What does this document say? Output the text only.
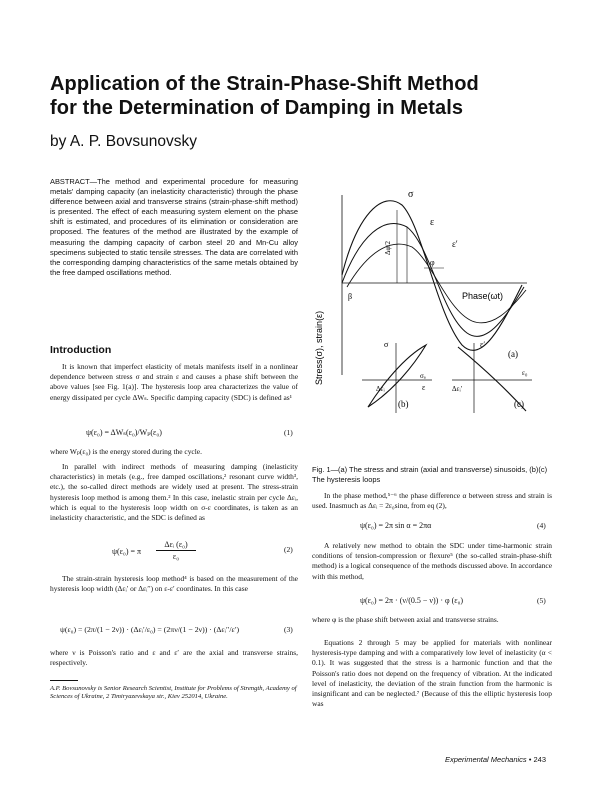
Application of the Strain-Phase-Shift Method
for the Determination of Damping in Metals
by A. P. Bovsunovsky
ABSTRACT—The method and experimental procedure for measuring metals' damping capacity (an inelasticity characteristic) through the phase difference between axial and transverse strains (strain-phase-shift method) is presented. The effect of each measuring system element on the phase shift is estimated, and procedures of its elimination or consideration are proposed. The features of the method are illustrated by the example of measuring the damping capacity of carbon steel 20 and Mn-Cu alloy specimens subjected to static tensile stresses. The data are correlated with the corresponding damping characteristics of the same metals obtained by the free damped oscillations method.
Introduction

It is known that imperfect elasticity of metals manifests itself in a nonlinear dependence between stress σ and strain ε and causes a phase shift between the above values [see Fig. 1(a)]. The hysteresis loop area characterizes the value of energy dissipated per cycle ΔWₛ. Specific damping capacity (SDC) is defined as¹

ψ(ε₀) = ΔWₛ(ε₀)/Wₚ(ε₀)	(1)

where Wₚ(ε₀) is the energy stored during the cycle.

In parallel with indirect methods of measuring damping (inelasticity characteristics) in metals (e.g., free damped oscillations,² resonant curve width³, etc.), the so-called direct methods are widely used at present. The stress-strain hysteresis loop method is among them.² In this case, inelastic strain per cycle Δεᵢ, which is equal to the hysteresis loop width on σ-ε coordinates, is taken as an inelasticity characteristic, and the SDC is defined as

ψ(ε₀) = π
Δεᵢ (ε₀)
ε₀
(2)

The strain-strain hysteresis loop method⁴ is based on the measurement of the hysteresis loop width (Δεᵢ′ or Δεᵢ′′) on ε-ε′ coordinates. In this case

ψ(ε₀) = (2π/(1 − 2ν)) · (Δεᵢ′/ε₀) = (2πν/(1 − 2ν)) · (Δεᵢ′′/ε′)	(3)

where ν is Poisson's ratio and ε and ε′ are the axial and transverse strains, respectively.

A.P. Bovsunovsky is Senior Research Scientist, Institute for Problems of Strength, Academy of Sciences of Ukraine, 2 Timiryazevskaya str., Kiev 252014, Ukraine.
Stress(σ), strain(ε)
Phase(ωt)
σ
ε
ε′
Δφ/2
φ
β
(a)
σ
ε
σₐ
Δεᵢ
(b)
ε′
ε₀
Δεᵢ′
(c)
Fig. 1—(a) The stress and strain (axial and transverse) sinusoids, (b)(c) The hysteresis loops

In the phase method,⁵⁻⁶ the phase difference α between stress and strain is used. Inasmuch as Δεᵢ = 2ε₀sinα, from eq (2),

ψ(ε₀) = 2π sin α = 2πα	(4)

A relatively new method to obtain the SDC under time-harmonic strain conditions of tension-compression or flexure⁵ (the so-called strain-phase-shift method) is a logical consequence of the methods discussed above. In accordance with this method,

ψ(ε₀) = 2π · (ν/(0.5 − ν)) · φ (ε₀)	(5)

where φ is the phase shift between axial and transverse strains.

Equations 2 through 5 may be applied for materials with nonlinear hysteresis-type damping and with a comparatively low level of inelasticity (α < 0.1). It was suggested that the stress is a harmonic function and that the Poisson's ratio does not depend on the frequency of vibration. At the indicated level of inelasticity, the deviation of the strain function from the harmonic is insignificant and can be neglected.⁷ (Because of this the elliptic hysteresis loop was

Experimental Mechanics • 243
